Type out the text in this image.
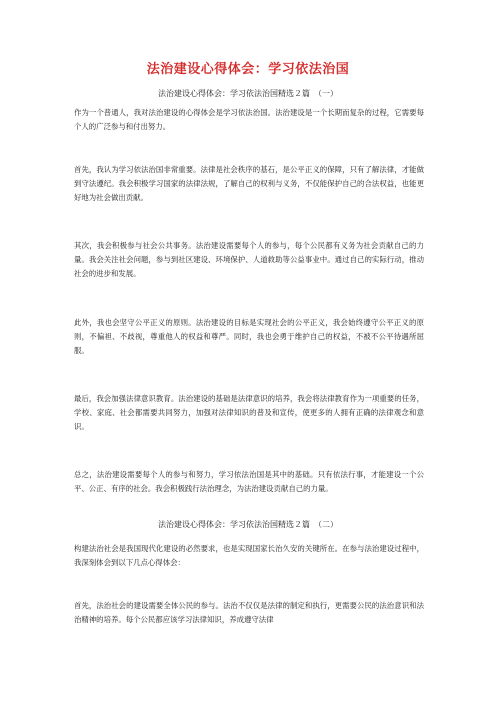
法治建设心得体会：学习依法治国
法治建设心得体会：学习依法治国精选２篇　（一）
作为一个普通人，我对法治建设的心得体会是学习依法治国。法治建设是一个长期而复杂的过程，它需要每个人的广泛参与和付出努力。
首先，我认为学习依法治国非常重要。法律是社会秩序的基石，是公平正义的保障，只有了解法律，才能做到守法遵纪。我会积极学习国家的法律法规，了解自己的权利与义务，不仅能保护自己的合法权益，也能更好地为社会做出贡献。
其次，我会积极参与社会公共事务。法治建设需要每个人的参与，每个公民都有义务为社会贡献自己的力量。我会关注社会问题，参与到社区建设、环境保护、人道救助等公益事业中。通过自己的实际行动，推动社会的进步和发展。
此外，我也会坚守公平正义的原则。法治建设的目标是实现社会的公平正义，我会始终遵守公平正义的原则，不偏袒、不歧视，尊重他人的权益和尊严。同时，我也会勇于维护自己的权益，不被不公平待遇所屈服。
最后，我会加强法律意识教育。法治建设的基础是法律意识的培养，我会将法律教育作为一项重要的任务，学校、家庭、社会都需要共同努力，加强对法律知识的普及和宣传，使更多的人拥有正确的法律观念和意识。
总之，法治建设需要每个人的参与和努力，学习依法治国是其中的基础。只有依法行事，才能建设一个公平、公正、有序的社会。我会积极践行法治理念，为法治建设贡献自己的力量。
法治建设心得体会：学习依法治国精选２篇　（二）
构建法治社会是我国现代化建设的必然要求，也是实现国家长治久安的关键所在。在参与法治建设过程中，我深刻体会到以下几点心得体会：
首先，法治社会的建设需要全体公民的参与。法治不仅仅是法律的制定和执行，更需要公民的法治意识和法治精神的培养。每个公民都应该学习法律知识，养成遵守法律
